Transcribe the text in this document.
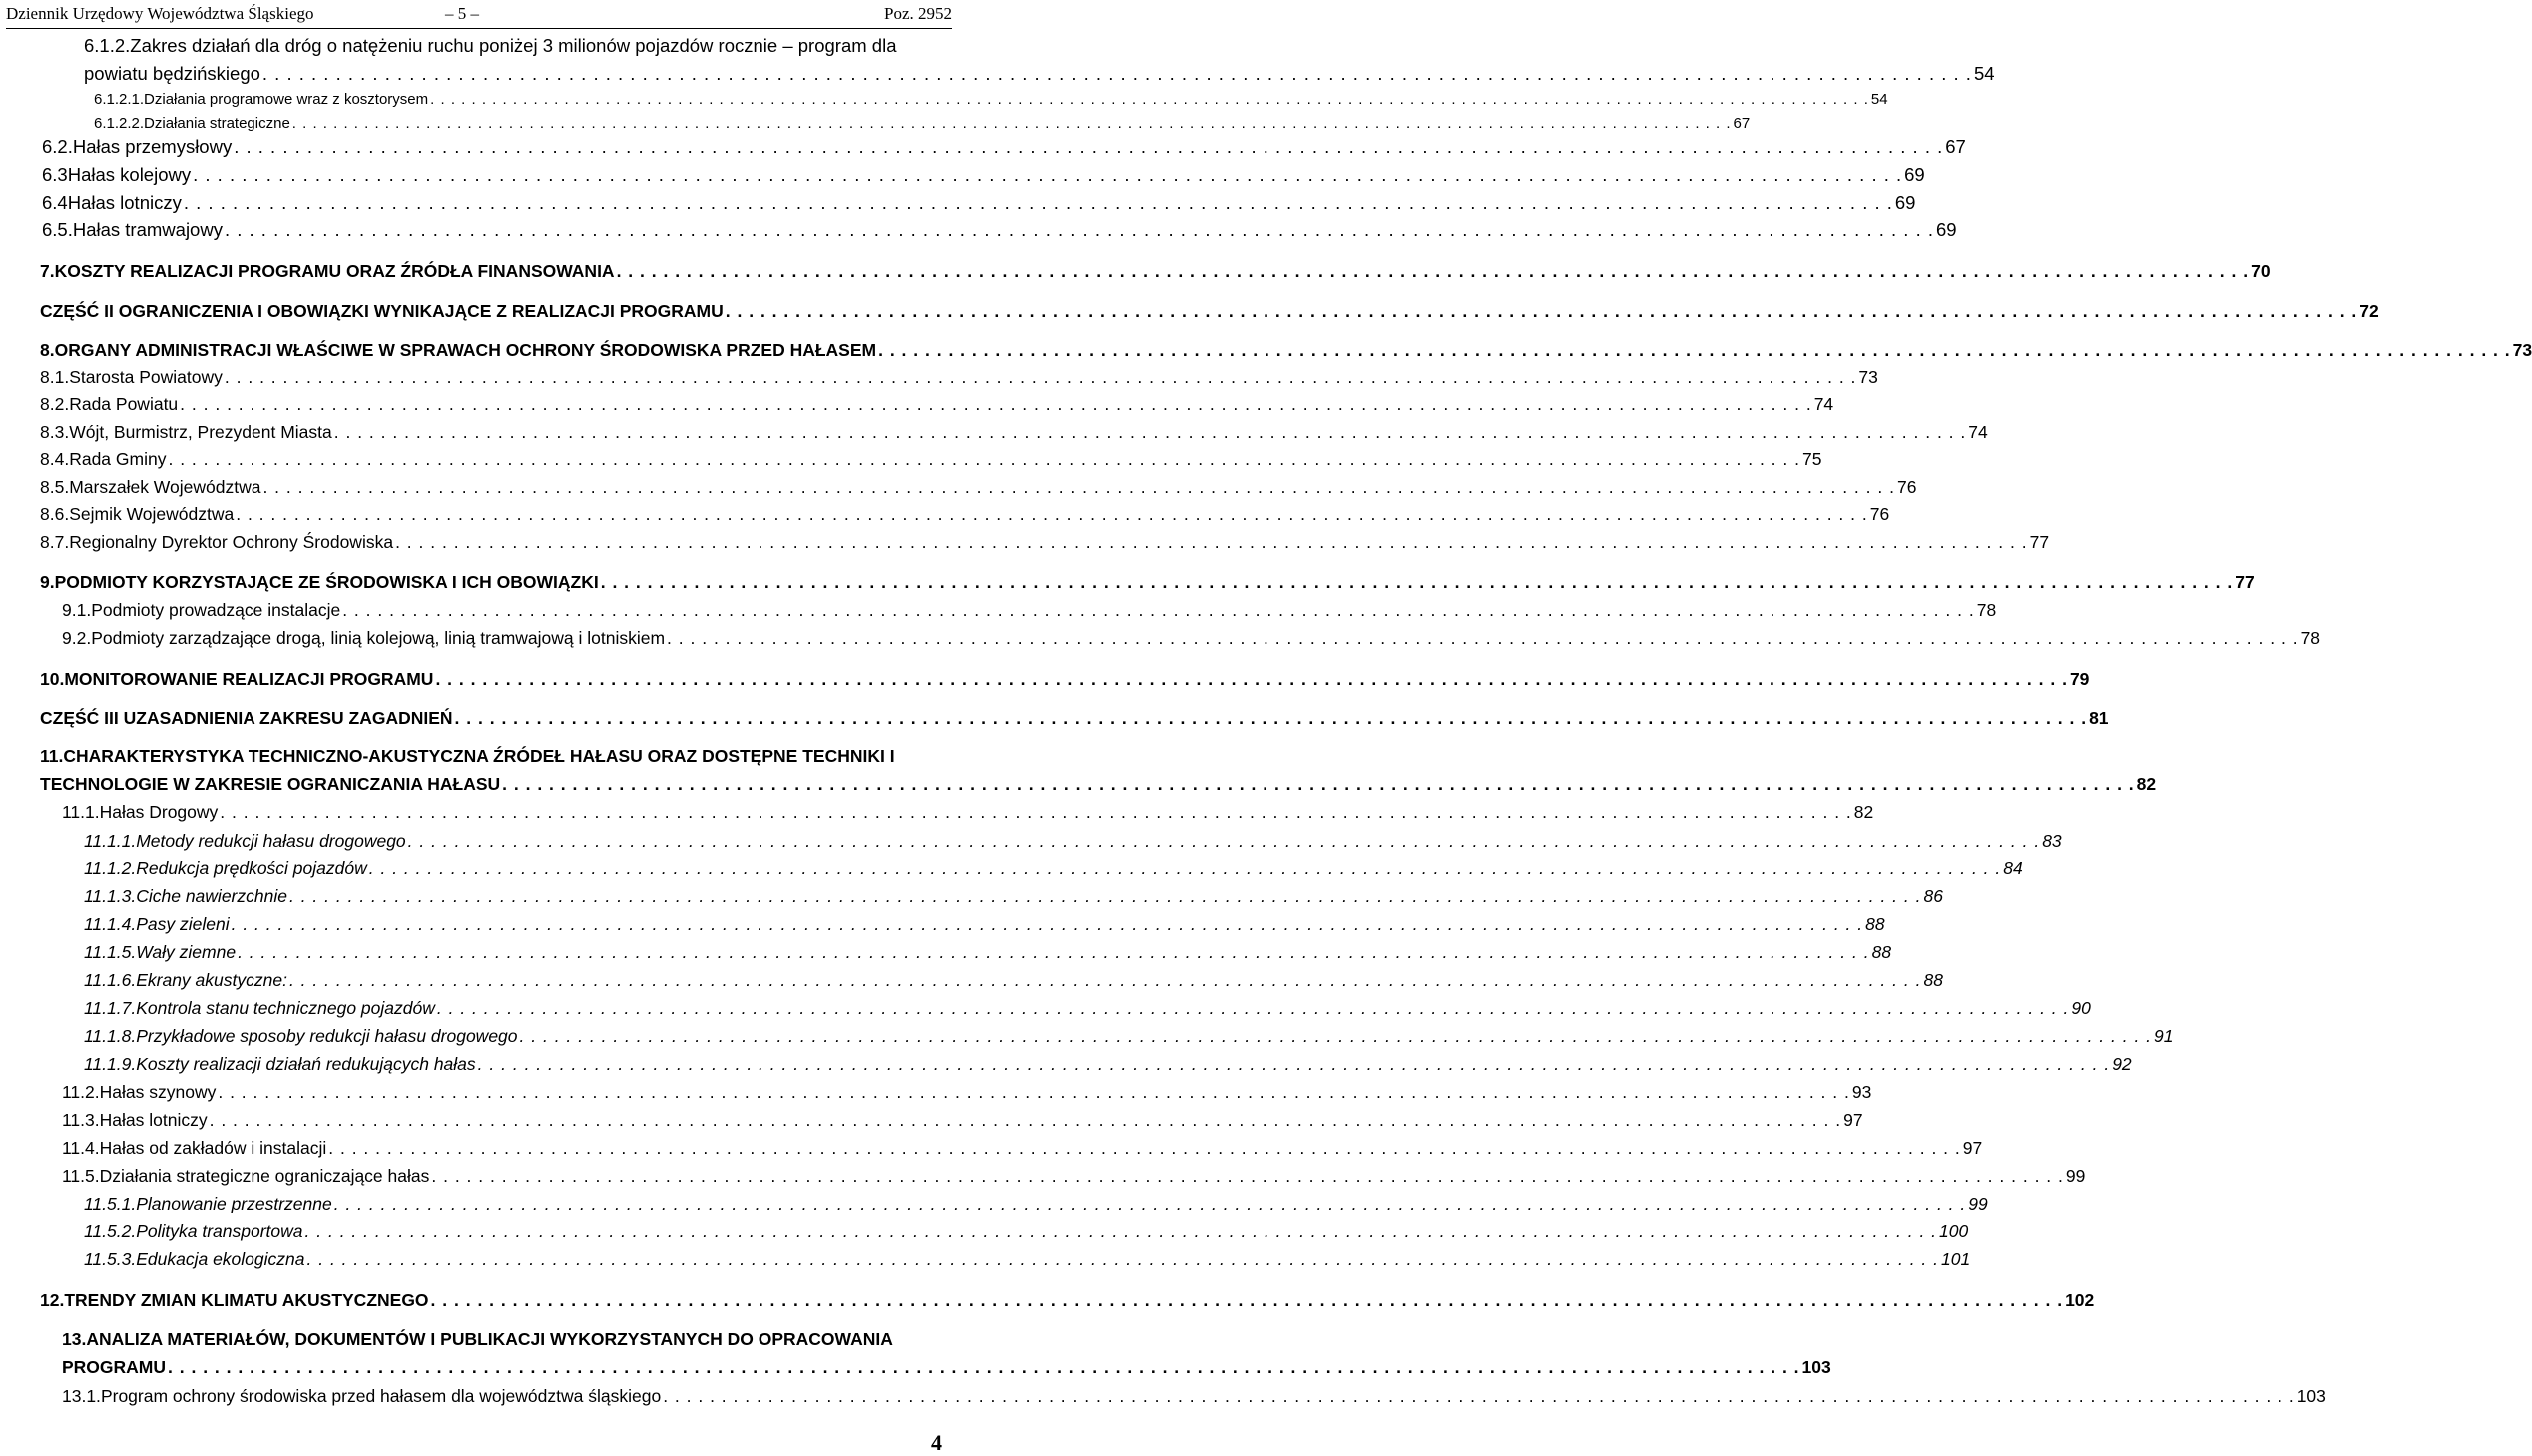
Dziennik Urzędowy Województwa Śląskiego	– 5 –	Poz. 2952
6.1.2. Zakres działań dla dróg o natężeniu ruchu poniżej 3 milionów pojazdów rocznie – program dla
powiatu będzińskiego . . .	54
6.1.2.1. Działania programowe wraz z kosztorysem . . .	54
6.1.2.2. Działania strategiczne . . .	67
6.2. Hałas przemysłowy . . .	67
6.3 Hałas kolejowy . . .	69
6.4 Hałas lotniczy . . .	69
6.5. Hałas tramwajowy . . .	69
7. KOSZTY REALIZACJI PROGRAMU ORAZ ŹRÓDŁA FINANSOWANIA . . .	70
CZĘŚĆ II OGRANICZENIA I OBOWIĄZKI WYNIKAJĄCE Z REALIZACJI PROGRAMU . . .	72
8. ORGANY ADMINISTRACJI WŁAŚCIWE W SPRAWACH OCHRONY ŚRODOWISKA PRZED HAŁASEM . . .	73
8.1. Starosta Powiatowy . . .	73
8.2. Rada Powiatu . . .	74
8.3. Wójt, Burmistrz, Prezydent Miasta . . .	74
8.4. Rada Gminy . . .	75
8.5. Marszałek Województwa . . .	76
8.6. Sejmik Województwa . . .	76
8.7. Regionalny Dyrektor Ochrony Środowiska . . .	77
9. PODMIOTY KORZYSTAJĄCE ZE ŚRODOWISKA I ICH OBOWIĄZKI . . .	77
9.1. Podmioty prowadzące instalacje . . .	78
9.2. Podmioty zarządzające drogą, linią kolejową, linią tramwajową i lotniskiem . . .	78
10. MONITOROWANIE REALIZACJI PROGRAMU . . .	79
CZĘŚĆ III UZASADNIENIA ZAKRESU ZAGADNIEŃ . . .	81
11. CHARAKTERYSTYKA TECHNICZNO-AKUSTYCZNA ŹRÓDEŁ HAŁASU ORAZ DOSTĘPNE TECHNIKI I
TECHNOLOGIE W ZAKRESIE OGRANICZANIA HAŁASU . . .	82
11.1. Hałas Drogowy . . .	82
11.1.1. Metody redukcji hałasu drogowego . . .	83
11.1.2. Redukcja prędkości pojazdów . . .	84
11.1.3. Ciche nawierzchnie . . .	86
11.1.4. Pasy zieleni . . .	88
11.1.5. Wały ziemne . . .	88
11.1.6. Ekrany akustyczne: . . .	88
11.1.7. Kontrola stanu technicznego pojazdów . . .	90
11.1.8. Przykładowe sposoby redukcji hałasu drogowego . . .	91
11.1.9. Koszty realizacji działań redukujących hałas . . .	92
11.2. Hałas szynowy . . .	93
11.3. Hałas lotniczy . . .	97
11.4. Hałas od zakładów i instalacji . . .	97
11.5. Działania strategiczne ograniczające hałas . . .	99
11.5.1. Planowanie przestrzenne . . .	99
11.5.2. Polityka transportowa . . .	100
11.5.3. Edukacja ekologiczna . . .	101
12. TRENDY ZMIAN KLIMATU AKUSTYCZNEGO . . .	102
13. ANALIZA MATERIAŁÓW, DOKUMENTÓW I PUBLIKACJI WYKORZYSTANYCH DO OPRACOWANIA
PROGRAMU . . .	103
13.1. Program ochrony środowiska przed hałasem dla województwa śląskiego . . .	103
4
